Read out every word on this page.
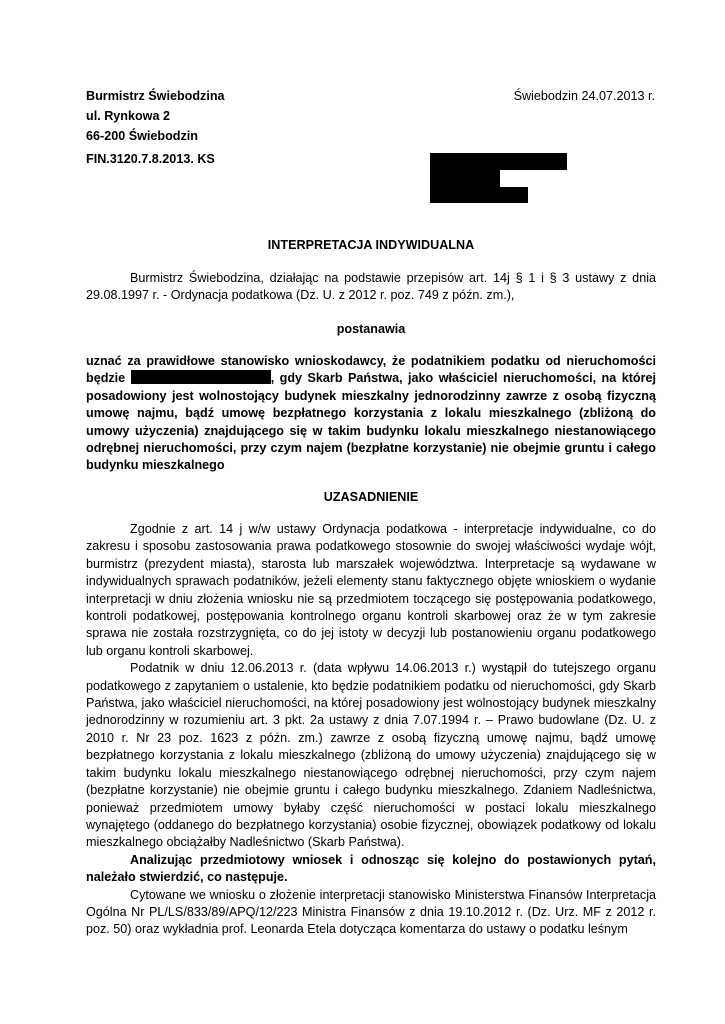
Burmistrz Świebodzina
ul. Rynkowa 2
66-200 Świebodzin
Świebodzin 24.07.2013 r.
FIN.3120.7.8.2013. KS
INTERPRETACJA INDYWIDUALNA

Burmistrz Świebodzina, działając na podstawie przepisów art. 14j § 1 i § 3 ustawy z dnia 29.08.1997 r. - Ordynacja podatkowa (Dz. U. z 2012 r. poz. 749 z późn. zm.),

postanawia

uznać za prawidłowe stanowisko wnioskodawcy, że podatnikiem podatku od nieruchomości będzie	, gdy Skarb Państwa, jako właściciel nieruchomości, na której posadowiony jest wolnostojący budynek mieszkalny jednorodzinny zawrze z osobą fizyczną umowę najmu, bądź umowę bezpłatnego korzystania z lokalu mieszkalnego (zbliżoną do umowy użyczenia) znajdującego się w takim budynku lokalu mieszkalnego niestanowiącego odrębnej nieruchomości, przy czym najem (bezpłatne korzystanie) nie obejmie gruntu i całego budynku mieszkalnego

UZASADNIENIE

Zgodnie z art. 14 j w/w ustawy Ordynacja podatkowa - interpretacje indywidualne, co do zakresu i sposobu zastosowania prawa podatkowego stosownie do swojej właściwości wydaje wójt, burmistrz (prezydent miasta), starosta lub marszałek województwa. Interpretacje są wydawane w indywidualnych sprawach podatników, jeżeli elementy stanu faktycznego objęte wnioskiem o wydanie interpretacji w dniu złożenia wniosku nie są przedmiotem toczącego się postępowania podatkowego, kontroli podatkowej, postępowania kontrolnego organu kontroli skarbowej oraz że w tym zakresie sprawa nie została rozstrzygnięta, co do jej istoty w decyzji lub postanowieniu organu podatkowego lub organu kontroli skarbowej.

Podatnik w dniu 12.06.2013 r. (data wpływu 14.06.2013 r.) wystąpił do tutejszego organu podatkowego z zapytaniem o ustalenie, kto będzie podatnikiem podatku od nieruchomości, gdy Skarb Państwa, jako właściciel nieruchomości, na której posadowiony jest wolnostojący budynek mieszkalny jednorodzinny w rozumieniu art. 3 pkt. 2a ustawy z dnia 7.07.1994 r. – Prawo budowlane (Dz. U. z 2010 r. Nr 23 poz. 1623 z późn. zm.) zawrze z osobą fizyczną umowę najmu, bądź umowę bezpłatnego korzystania z lokalu mieszkalnego (zbliżoną do umowy użyczenia) znajdującego się w takim budynku lokalu mieszkalnego niestanowiącego odrębnej nieruchomości, przy czym najem (bezpłatne korzystanie) nie obejmie gruntu i całego budynku mieszkalnego. Zdaniem Nadleśnictwa, ponieważ przedmiotem umowy byłaby część nieruchomości w postaci lokalu mieszkalnego wynajętego (oddanego do bezpłatnego korzystania) osobie fizycznej, obowiązek podatkowy od lokalu mieszkalnego obciążałby Nadleśnictwo (Skarb Państwa).

Analizując przedmiotowy wniosek i odnosząc się kolejno do postawionych pytań, należało stwierdzić, co następuje.

Cytowane we wniosku o złożenie interpretacji stanowisko Ministerstwa Finansów Interpretacja Ogólna Nr PL/LS/833/89/APQ/12/223 Ministra Finansów z dnia 19.10.2012 r. (Dz. Urz. MF z 2012 r. poz. 50) oraz wykładnia prof. Leonarda Etela dotycząca komentarza do ustawy o podatku leśnym
